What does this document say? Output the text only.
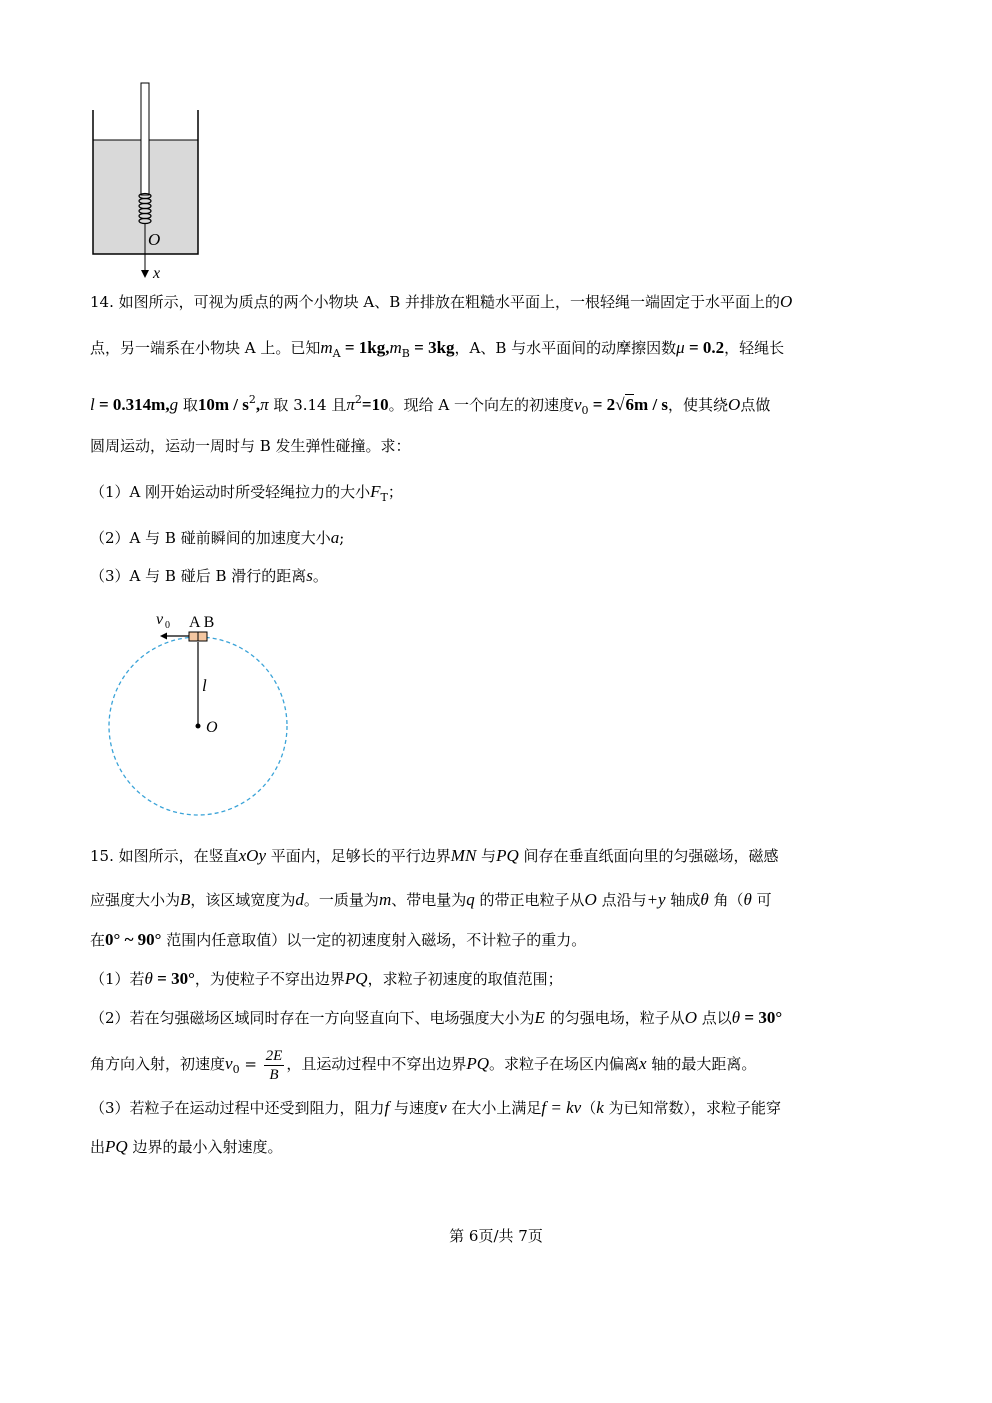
O
x
14. 如图所示，可视为质点的两个小物块 A、B 并排放在粗糙水平面上，一根轻绳一端固定于水平面上的O
点，另一端系在小物块 A 上。已知$m_A = 1kg,m_B = 3kg$，A、B 与水平面间的动摩擦因数μ = 0.2，轻绳长
l = 0.314m,g 取$10m / s^2,\pi$ 取 3.14 且$\pi^2=10$。现给 A 一个向左的初速度$v_0 = 2√6m / s$，使其绕O点做
圆周运动，运动一周时与 B 发生弹性碰撞。求：
（1）A 刚开始运动时所受轻绳拉力的大小$F_T$；
（2）A 与 B 碰前瞬间的加速度大小a;
（3）A 与 B 碰后 B 滑行的距离s。
v 0 A B
l
O
15. 如图所示，在竖直xOy 平面内，足够长的平行边界MN 与PQ 间存在垂直纸面向里的匀强磁场，磁感
应强度大小为B，该区域宽度为d。一质量为m、带电量为q 的带正电粒子从O 点沿与+y 轴成θ 角（θ 可
在0° ~ 90° 范围内任意取值）以一定的初速度射入磁场，不计粒子的重力。
（1）若θ = 30°，为使粒子不穿出边界PQ，求粒子初速度的取值范围；
（2）若在匀强磁场区域同时存在一方向竖直向下、电场强度大小为E 的匀强电场，粒子从O 点以θ = 30°
角方向入射，初速度$v_0 = \frac{2E}{B}$ ，且运动过程中不穿出边界PQ。求粒子在场区内偏离x 轴的最大距离。
（3）若粒子在运动过程中还受到阻力，阻力f 与速度v 在大小上满足f = kv（k 为已知常数），求粒子能穿
出PQ 边界的最小入射速度。
第 6页/共 7页
